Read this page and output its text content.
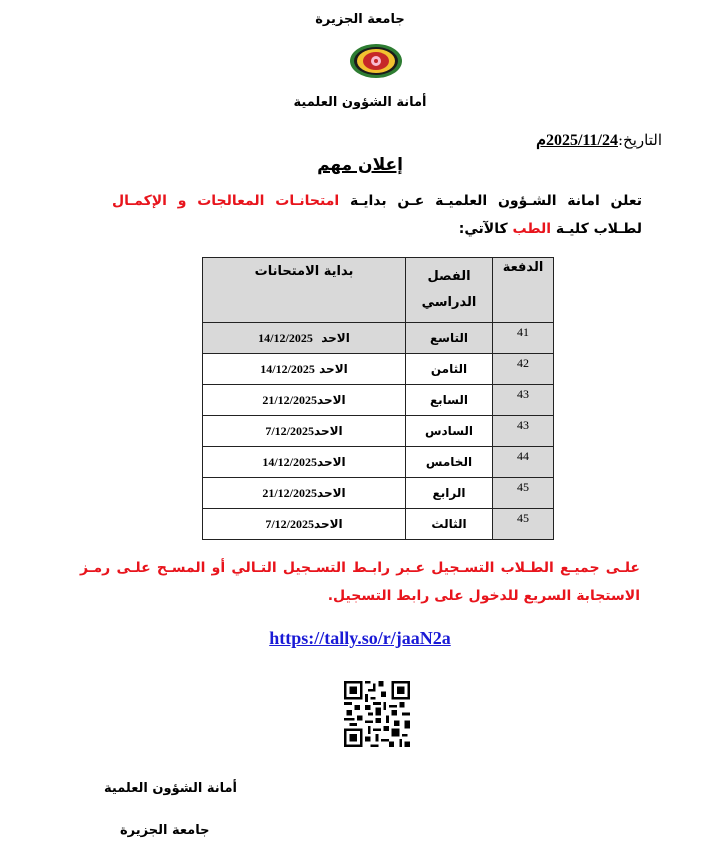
جامعة الجزيرة
أمانة الشؤون العلمية
التاريخ:2025/11/24م
إعلان مهم
تعلن امانة الشـؤون العلميـة عـن بدايـة امتحانـات المعالجات و الإكمـال لطـلاب كليـة الطب كالآتي:
الدفعة	الفصل الدراسي	بداية الامتحانات
41	التاسع	الاحد  14/12/2025
42	الثامن	الاحد 14/12/2025
43	السابع	الاحد21/12/2025
43	السادس	الاحد7/12/2025
44	الخامس	الاحد14/12/2025
45	الرابع	الاحد21/12/2025
45	الثالث	الاحد7/12/2025
علـى جميـع الطـلاب التسـجيل عـبر رابـط التسـجيل التـالي أو المسـح علـى رمـز الاستجابة السريع للدخول على رابط التسجيل.
https://tally.so/r/jaaN2a
أمانة الشؤون العلمية
جامعة الجزيرة
